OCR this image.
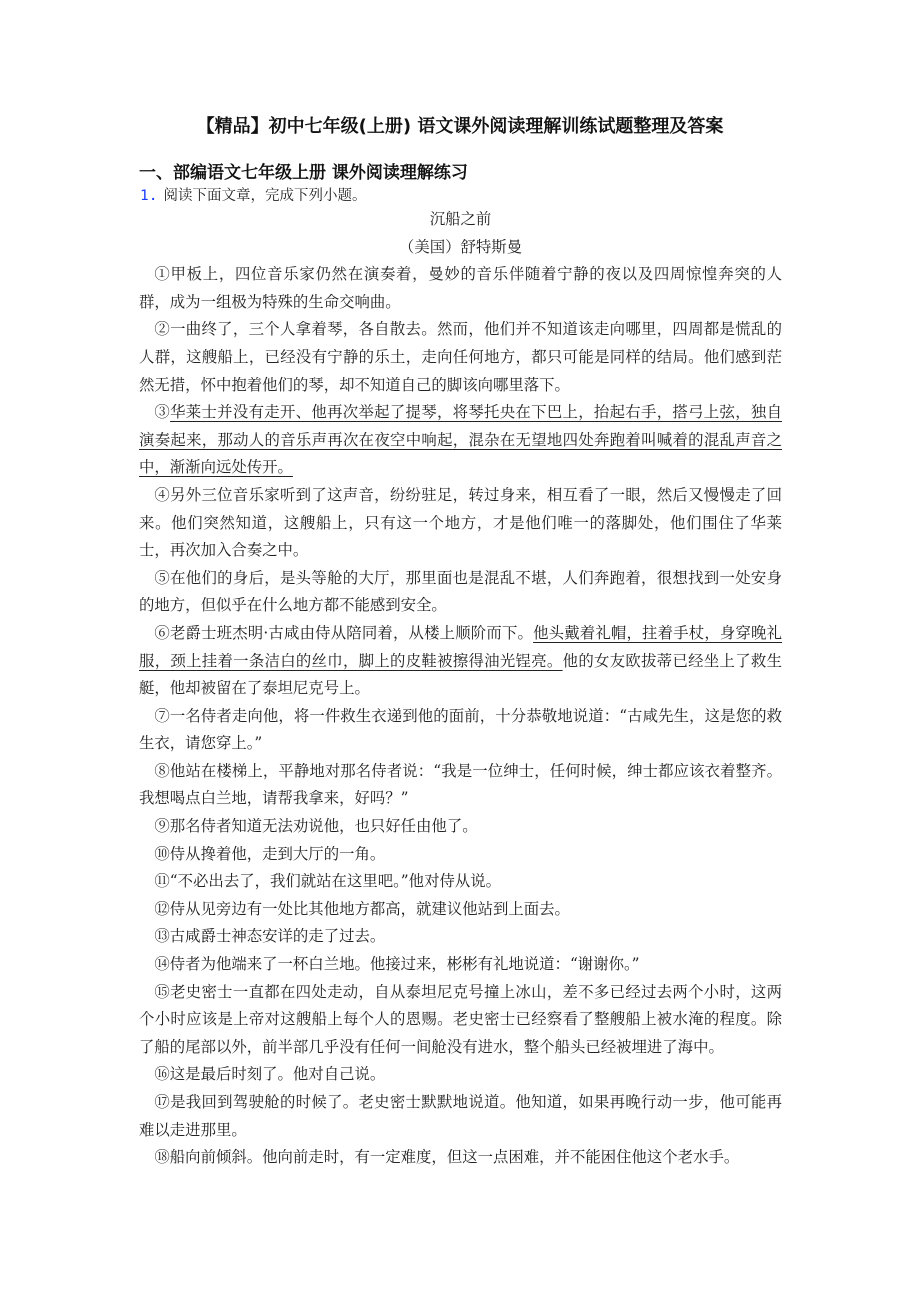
【精品】初中七年级(上册) 语文课外阅读理解训练试题整理及答案
一、部编语文七年级上册 课外阅读理解练习
1. 阅读下面文章，完成下列小题。

沉船之前

（美国）舒特斯曼

①甲板上，四位音乐家仍然在演奏着，曼妙的音乐伴随着宁静的夜以及四周惊惶奔突的人群，成为一组极为特殊的生命交响曲。

②一曲终了，三个人拿着琴，各自散去。然而，他们并不知道该走向哪里，四周都是慌乱的人群，这艘船上，已经没有宁静的乐土，走向任何地方，都只可能是同样的结局。他们感到茫然无措，怀中抱着他们的琴，却不知道自己的脚该向哪里落下。

③华莱士并没有走开、他再次举起了提琴，将琴托央在下巴上，抬起右手，搭弓上弦，独自演奏起来，那动人的音乐声再次在夜空中响起，混杂在无望地四处奔跑着叫喊着的混乱声音之中，渐渐向远处传开。

④另外三位音乐家听到了这声音，纷纷驻足，转过身来，相互看了一眼，然后又慢慢走了回来。他们突然知道，这艘船上，只有这一个地方，才是他们唯一的落脚处，他们围住了华莱士，再次加入合奏之中。

⑤在他们的身后，是头等舱的大厅，那里面也是混乱不堪，人们奔跑着，很想找到一处安身的地方，但似乎在什么地方都不能感到安全。

⑥老爵士班杰明·古咸由侍从陪同着，从楼上顺阶而下。他头戴着礼帽，拄着手杖，身穿晚礼服，颈上挂着一条洁白的丝巾，脚上的皮鞋被擦得油光锃亮。他的女友欧拔蒂已经坐上了救生艇，他却被留在了泰坦尼克号上。

⑦一名侍者走向他，将一件救生衣递到他的面前，十分恭敬地说道：“古咸先生，这是您的救生衣，请您穿上。”

⑧他站在楼梯上，平静地对那名侍者说：“我是一位绅士，任何时候，绅士都应该衣着整齐。我想喝点白兰地，请帮我拿来，好吗？”

⑨那名侍者知道无法劝说他，也只好任由他了。

⑩侍从搀着他，走到大厅的一角。

⑪“不必出去了，我们就站在这里吧。”他对侍从说。

⑫侍从见旁边有一处比其他地方都高，就建议他站到上面去。

⑬古咸爵士神态安详的走了过去。

⑭侍者为他端来了一杯白兰地。他接过来，彬彬有礼地说道：“谢谢你。”

⑮老史密士一直都在四处走动，自从泰坦尼克号撞上冰山，差不多已经过去两个小时，这两个小时应该是上帝对这艘船上每个人的恩赐。老史密士已经察看了整艘船上被水淹的程度。除了船的尾部以外，前半部几乎没有任何一间舱没有进水，整个船头已经被埋进了海中。

⑯这是最后时刻了。他对自己说。

⑰是我回到驾驶舱的时候了。老史密士默默地说道。他知道，如果再晚行动一步，他可能再难以走进那里。

⑱船向前倾斜。他向前走时，有一定难度，但这一点困难，并不能困住他这个老水手。
